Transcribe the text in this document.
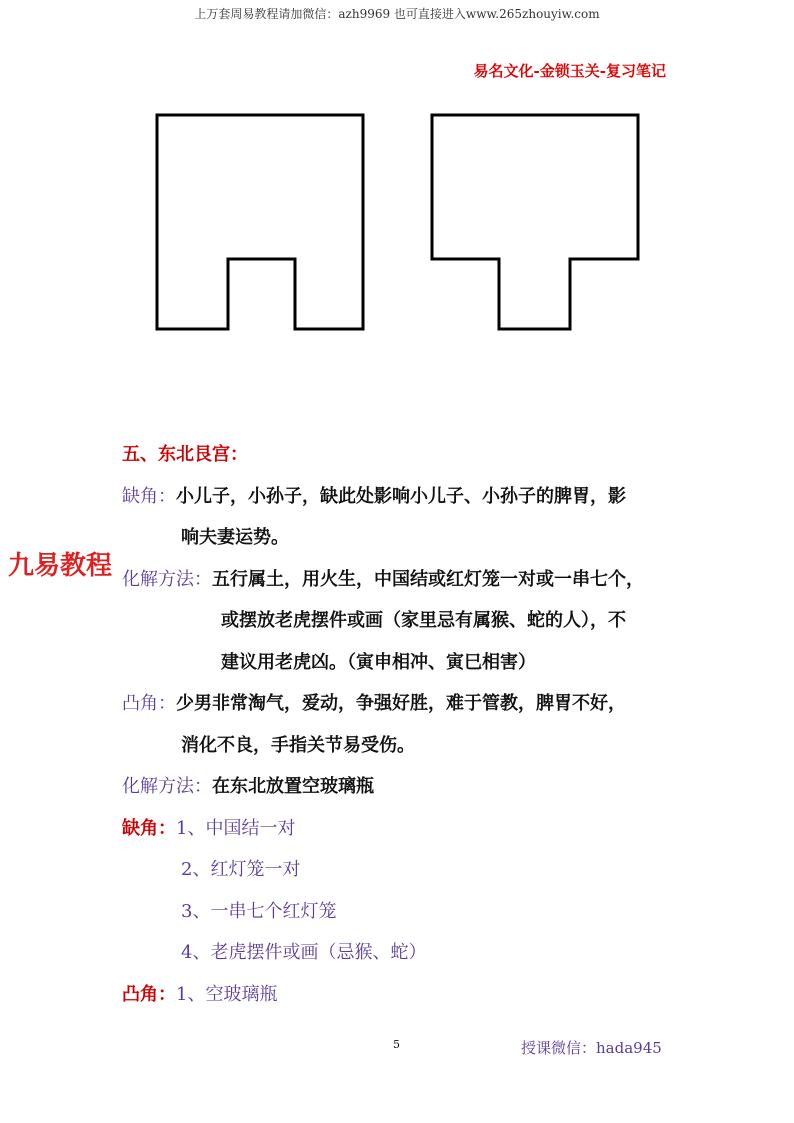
上万套周易教程请加微信：azh9969 也可直接进入www.265zhouyiw.com
易名文化-金锁玉关-复习笔记
五、东北艮宫：
缺角：小儿子，小孙子，缺此处影响小儿子、小孙子的脾胃，影
响夫妻运势。
化解方法：五行属土，用火生，中国结或红灯笼一对或一串七个，
或摆放老虎摆件或画（家里忌有属猴、蛇的人），不
建议用老虎凶。（寅申相冲、寅巳相害）
凸角：少男非常淘气，爱动，争强好胜，难于管教，脾胃不好，
消化不良，手指关节易受伤。
化解方法：在东北放置空玻璃瓶
缺角：1、中国结一对
2、红灯笼一对
3、一串七个红灯笼
4、老虎摆件或画（忌猴、蛇）
凸角：1、空玻璃瓶
九易教程
5	授课微信：hada945
